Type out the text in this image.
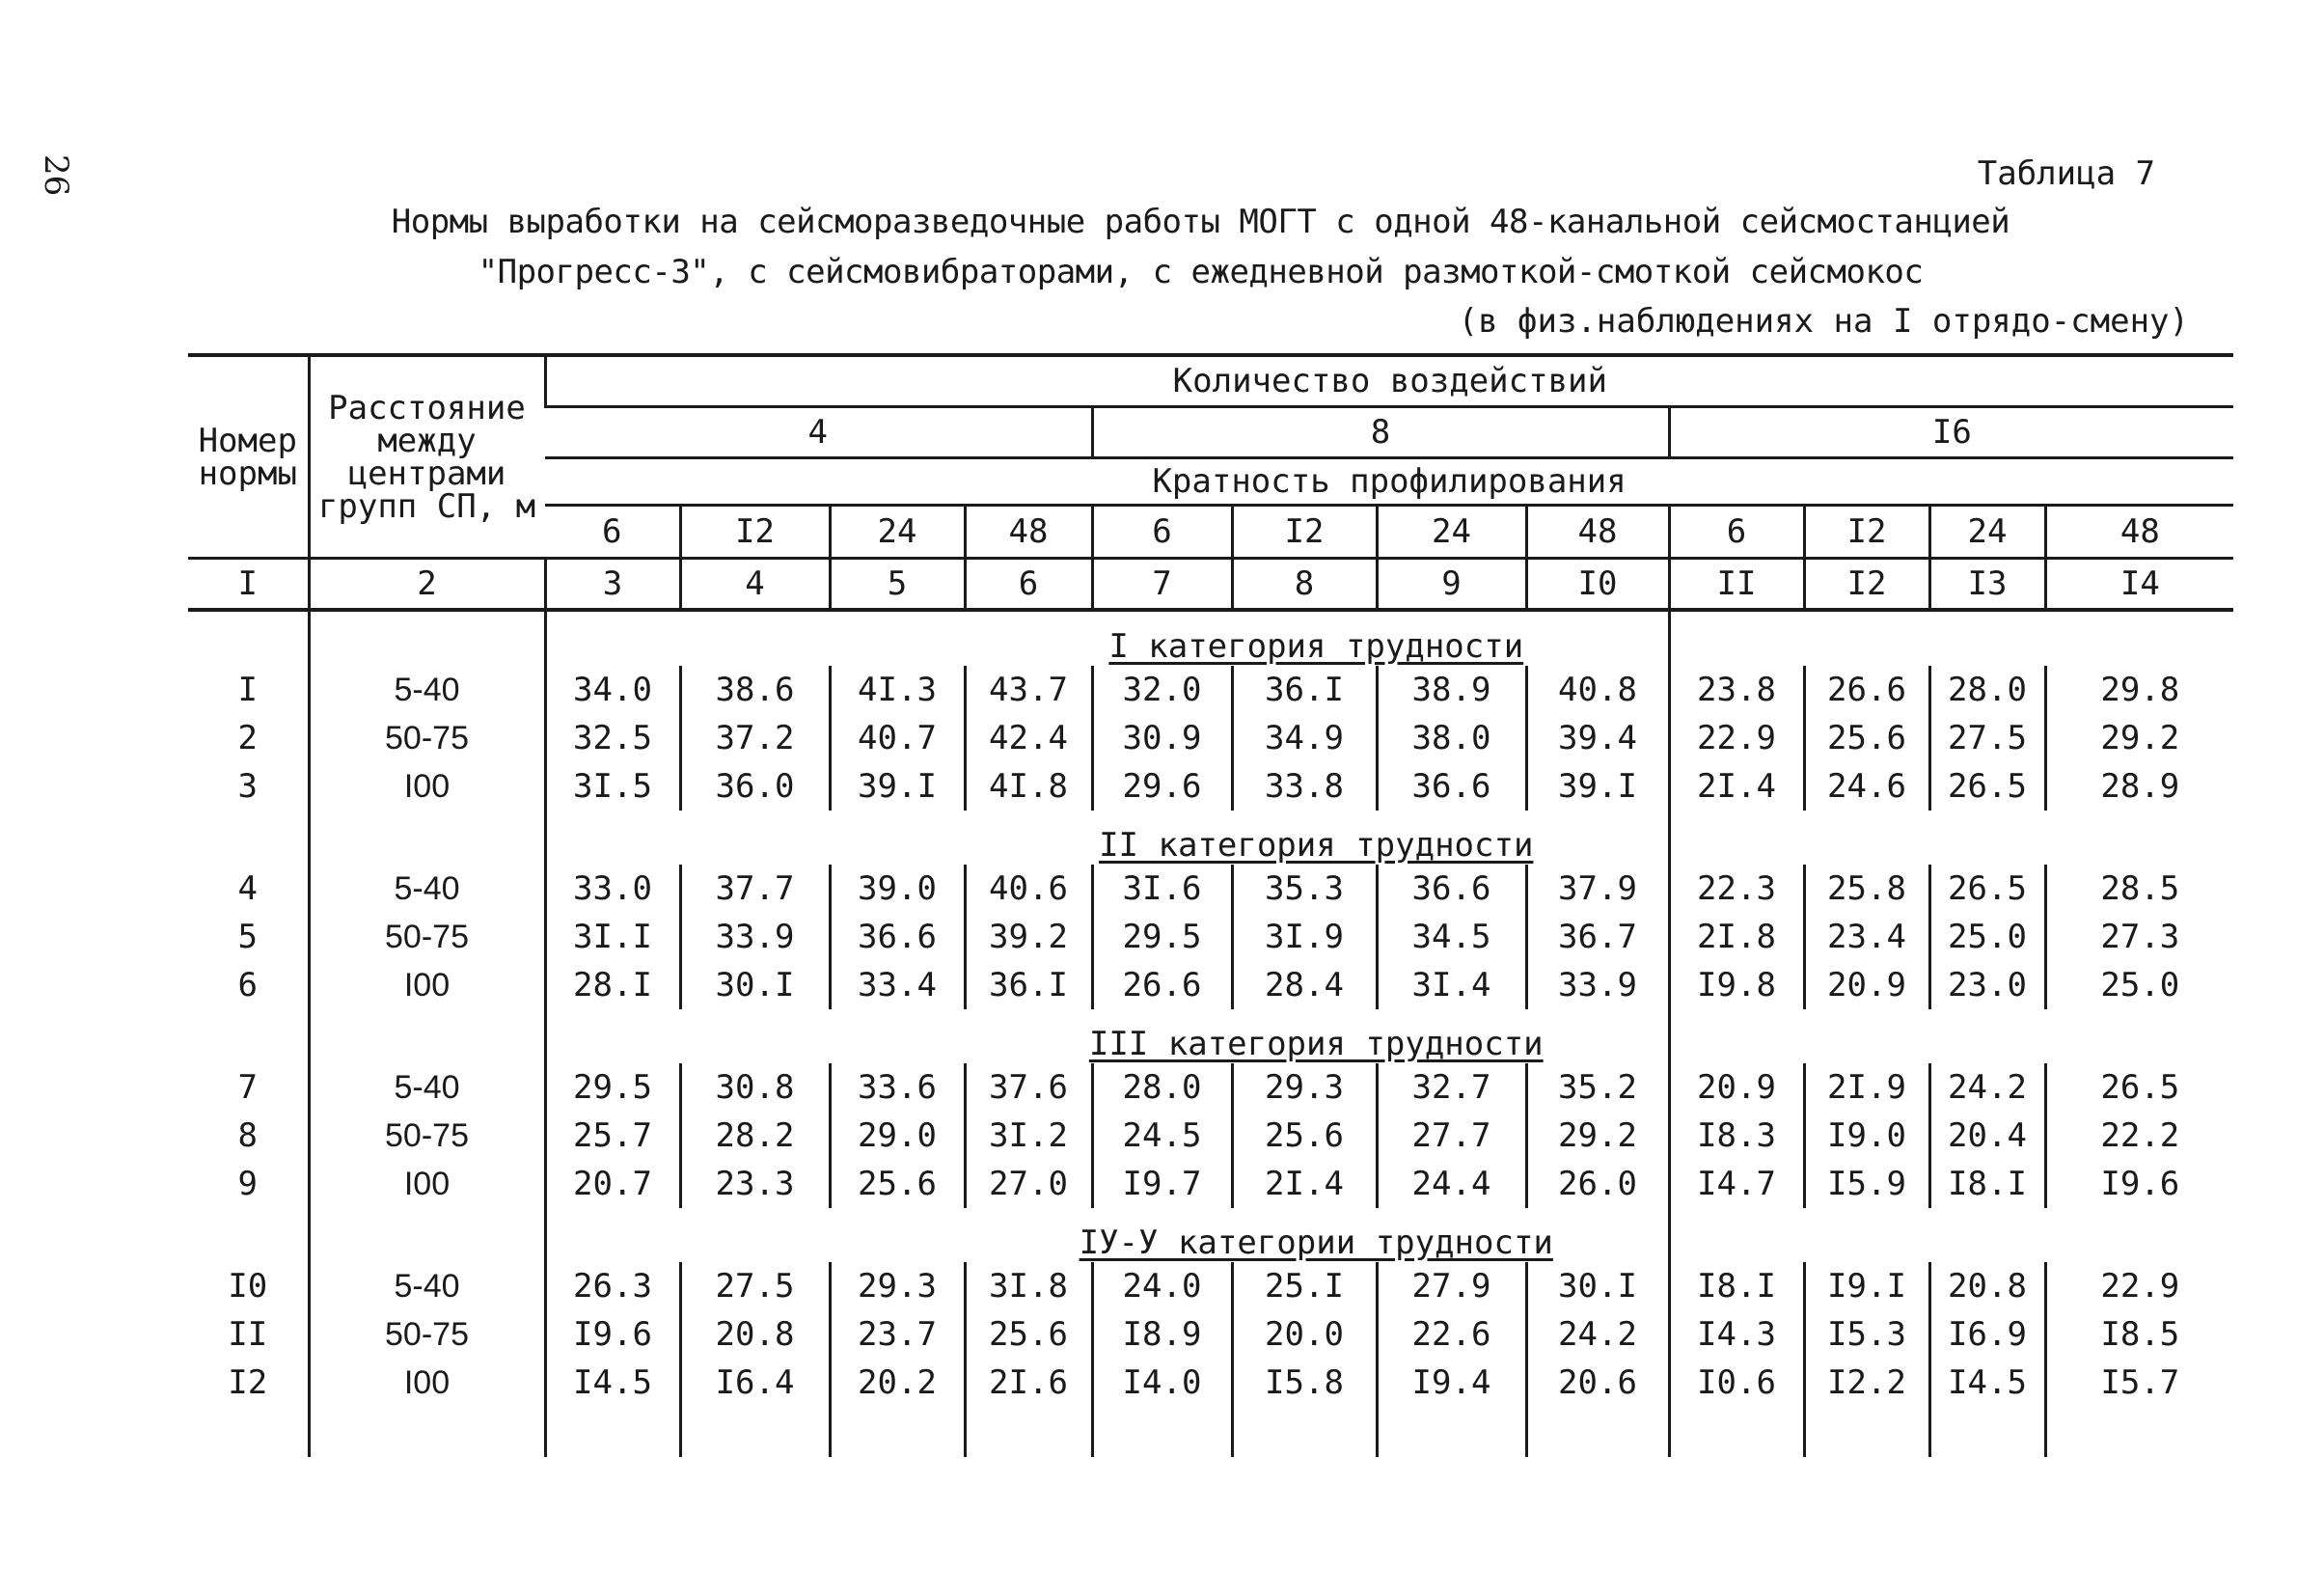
26	Таблица 7
Нормы выработки на сейсморазведочные работы МОГТ с одной 48-канальной сейсмостанцией
"Прогресс-3", с сейсмовибраторами, с ежедневной размоткой-смоткой сейсмокос
(в физ.наблюдениях на I отрядо-смену)
Номер нормы	Расстояние между центрами групп СП, м	Количество воздействий											
		4				8				I6			
		Кратность профилирования											
		6	I2	24	48	6	I2	24	48	6	I2	24	48
I	2	3	4	5	6	7	8	9	I0	II	I2	I3	I4
					I категория трудности								
I	5-40	34.0	38.6	4I.3	43.7	32.0	36.I	38.9	40.8	23.8	26.6	28.0	29.8
2	50-75	32.5	37.2	40.7	42.4	30.9	34.9	38.0	39.4	22.9	25.6	27.5	29.2
3	I00	3I.5	36.0	39.I	4I.8	29.6	33.8	36.6	39.I	2I.4	24.6	26.5	28.9
					II категория трудности								
4	5-40	33.0	37.7	39.0	40.6	3I.6	35.3	36.6	37.9	22.3	25.8	26.5	28.5
5	50-75	3I.I	33.9	36.6	39.2	29.5	3I.9	34.5	36.7	2I.8	23.4	25.0	27.3
6	I00	28.I	30.I	33.4	36.I	26.6	28.4	3I.4	33.9	I9.8	20.9	23.0	25.0
					III категория трудности								
7	5-40	29.5	30.8	33.6	37.6	28.0	29.3	32.7	35.2	20.9	2I.9	24.2	26.5
8	50-75	25.7	28.2	29.0	3I.2	24.5	25.6	27.7	29.2	I8.3	I9.0	20.4	22.2
9	I00	20.7	23.3	25.6	27.0	I9.7	2I.4	24.4	26.0	I4.7	I5.9	I8.I	I9.6
					IУ-У категории трудности								
I0	5-40	26.3	27.5	29.3	3I.8	24.0	25.I	27.9	30.I	I8.I	I9.I	20.8	22.9
II	50-75	I9.6	20.8	23.7	25.6	I8.9	20.0	22.6	24.2	I4.3	I5.3	I6.9	I8.5
I2	I00	I4.5	I6.4	20.2	2I.6	I4.0	I5.8	I9.4	20.6	I0.6	I2.2	I4.5	I5.7
